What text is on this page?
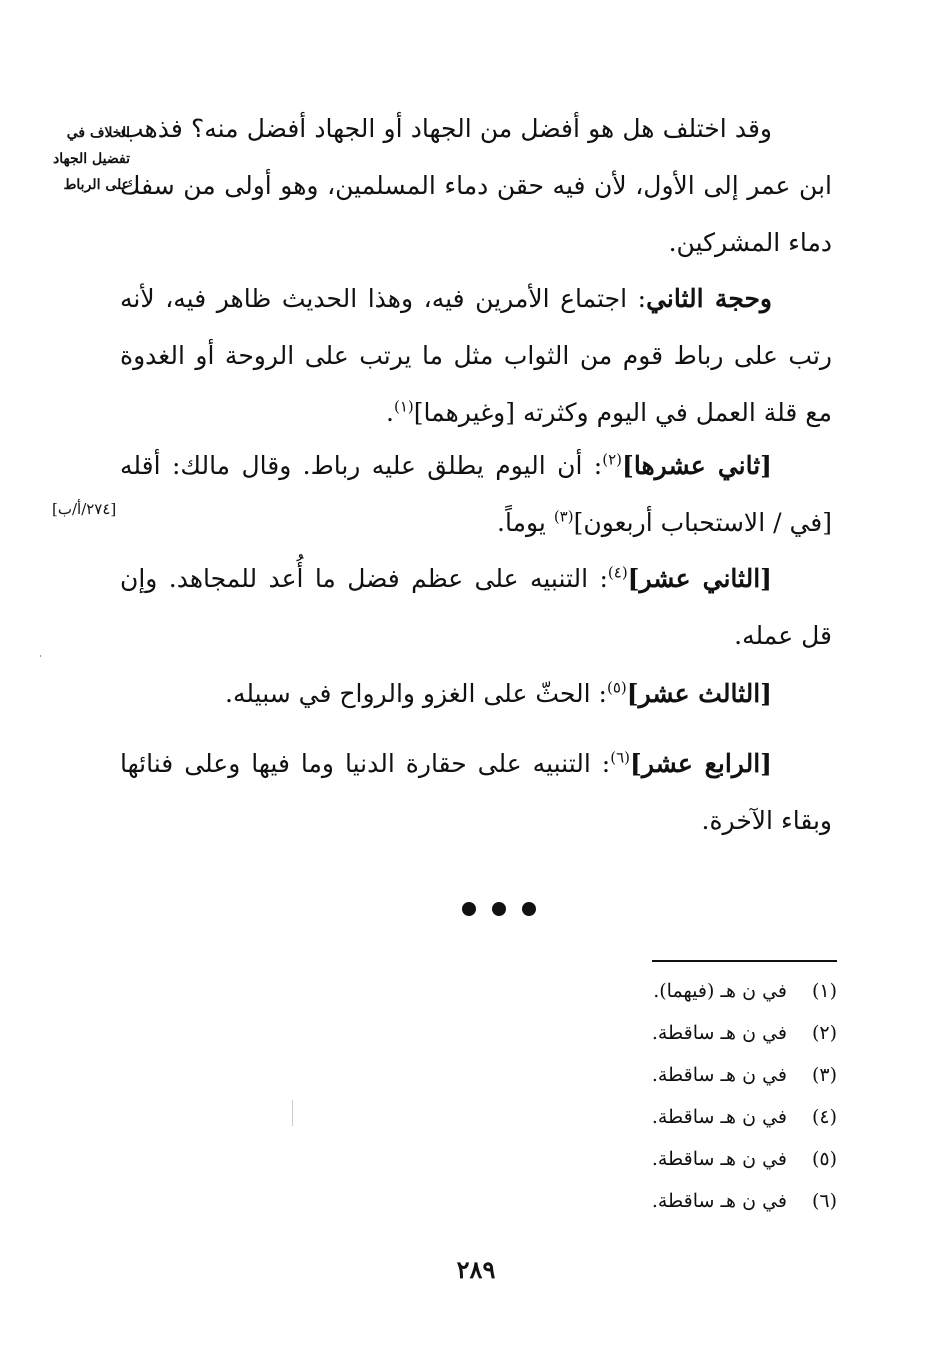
الخلاف في
تفضيل الجهاد
على الرباط
[٢٧٤/أ/ب]

وقد اختلف هل هو أفضل من الجهاد أو الجهاد أفضل منه؟ فذهب ابن عمر إلى الأول، لأن فيه حقن دماء المسلمين، وهو أولى من سفك دماء المشركين.

وحجة الثاني: اجتماع الأمرين فيه، وهذا الحديث ظاهر فيه، لأنه رتب على رباط قوم من الثواب مثل ما يرتب على الروحة أو الغدوة مع قلة العمل في اليوم وكثرته [وغيرهما]$^{(١)}$.

[ثاني عشرها]$^{(٢)}$: أن اليوم يطلق عليه رباط. وقال مالك: أقله [في / الاستحباب أربعون]$^{(٣)}$ يوماً.

[الثاني عشر]$^{(٤)}$: التنبيه على عظم فضل ما أُعد للمجاهد. وإن قل عمله.

[الثالث عشر]$^{(٥)}$: الحثّ على الغزو والرواح في سبيله.

[الرابع عشر]$^{(٦)}$: التنبيه على حقارة الدنيا وما فيها وعلى فنائها وبقاء الآخرة.

(١)
في ن هـ (فيهما).
(٢)
في ن هـ ساقطة.
(٣)
في ن هـ ساقطة.
(٤)
في ن هـ ساقطة.
(٥)
في ن هـ ساقطة.
(٦)
في ن هـ ساقطة.
٢٨٩
